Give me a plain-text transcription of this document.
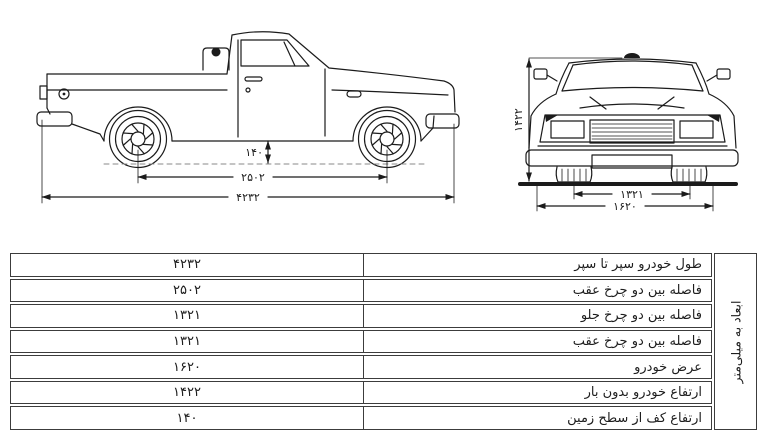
۱۴۰
۲۵۰۲
۴۲۳۲
۱۴۲۲
۱۳۲۱
۱۶۲۰
۴۲۳۲	طول خودرو سپر تا سپر
۲۵۰۲	فاصله بین دو چرخ عقب
۱۳۲۱	فاصله بین دو چرخ جلو
۱۳۲۱	فاصله بین دو چرخ عقب
۱۶۲۰	عرض خودرو
۱۴۲۲	ارتفاع خودرو بدون بار
۱۴۰	ارتفاع کف از سطح زمین
ابعاد به میلی‌متر
